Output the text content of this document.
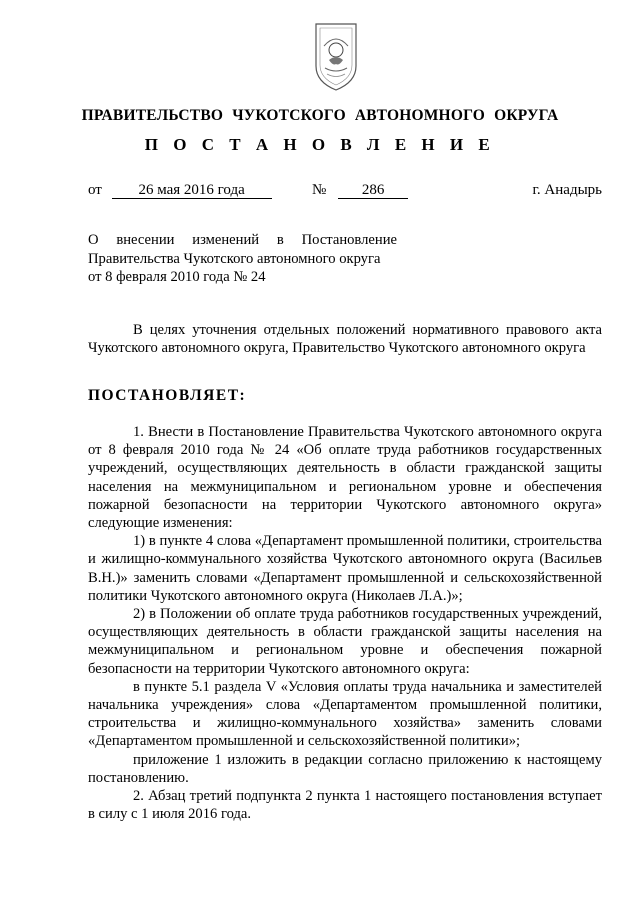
ПРАВИТЕЛЬСТВО ЧУКОТСКОГО АВТОНОМНОГО ОКРУГА
П О С Т А Н О В Л Е Н И Е
от 26 мая 2016 года	№ 286	г. Анадырь

О внесении изменений в Постановление

Правительства Чукотского автономного округа

от 8 февраля 2010 года № 24

В целях уточнения отдельных положений нормативного правового акта Чукотского автономного округа, Правительство Чукотского автономного округа

ПОСТАНОВЛЯЕТ:

1. Внести в Постановление Правительства Чукотского автономного округа от 8 февраля 2010 года № 24 «Об оплате труда работников государственных учреждений, осуществляющих деятельность в области гражданской защиты населения на межмуниципальном и региональном уровне и обеспечения пожарной безопасности на территории Чукотского автономного округа» следующие изменения:

1) в пункте 4 слова «Департамент промышленной политики, строительства и жилищно-коммунального хозяйства Чукотского автономного округа (Васильев В.Н.)» заменить словами «Департамент промышленной и сельскохозяйственной политики Чукотского автономного округа (Николаев Л.А.)»;

2) в Положении об оплате труда работников государственных учреждений, осуществляющих деятельность в области гражданской защиты населения на межмуниципальном и региональном уровне и обеспечения пожарной безопасности на территории Чукотского автономного округа:

в пункте 5.1 раздела V «Условия оплаты труда начальника и заместителей начальника учреждения» слова «Департаментом промышленной политики, строительства и жилищно-коммунального хозяйства» заменить словами «Департаментом промышленной и сельскохозяйственной политики»;

приложение 1 изложить в редакции согласно приложению к настоящему постановлению.

2. Абзац третий подпункта 2 пункта 1 настоящего постановления вступает в силу с 1 июля 2016 года.
